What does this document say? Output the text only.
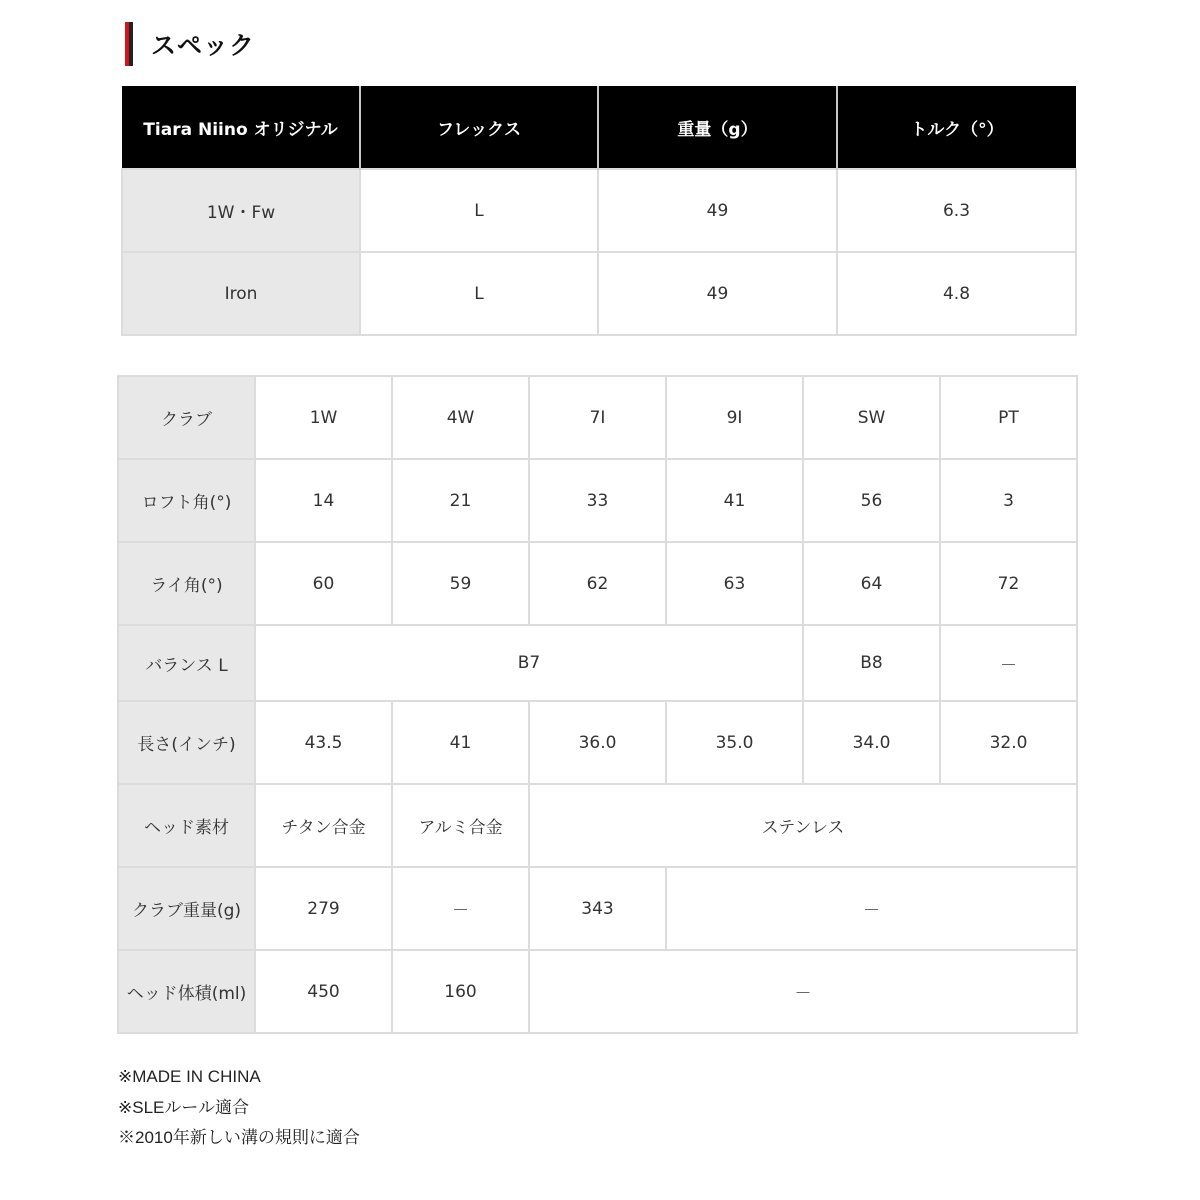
スペック
Tiara Niino オリジナル	フレックス	重量（g）	トルク（°）
1W・Fw	L	49	6.3
Iron	L	49	4.8
クラブ	1W	4W	7I	9I	SW	PT
ロフト角(°)	14	21	33	41	56	3
ライ角(°)	60	59	62	63	64	72
バランス L	B7				B8	－
長さ(インチ)	43.5	41	36.0	35.0	34.0	32.0
ヘッド素材	チタン合金	アルミ合金	ステンレス			
クラブ重量(g)	279	－	343	－		
ヘッド体積(ml)	450	160	－			
※MADE IN CHINA
※SLEルール適合
※2010年新しい溝の規則に適合
